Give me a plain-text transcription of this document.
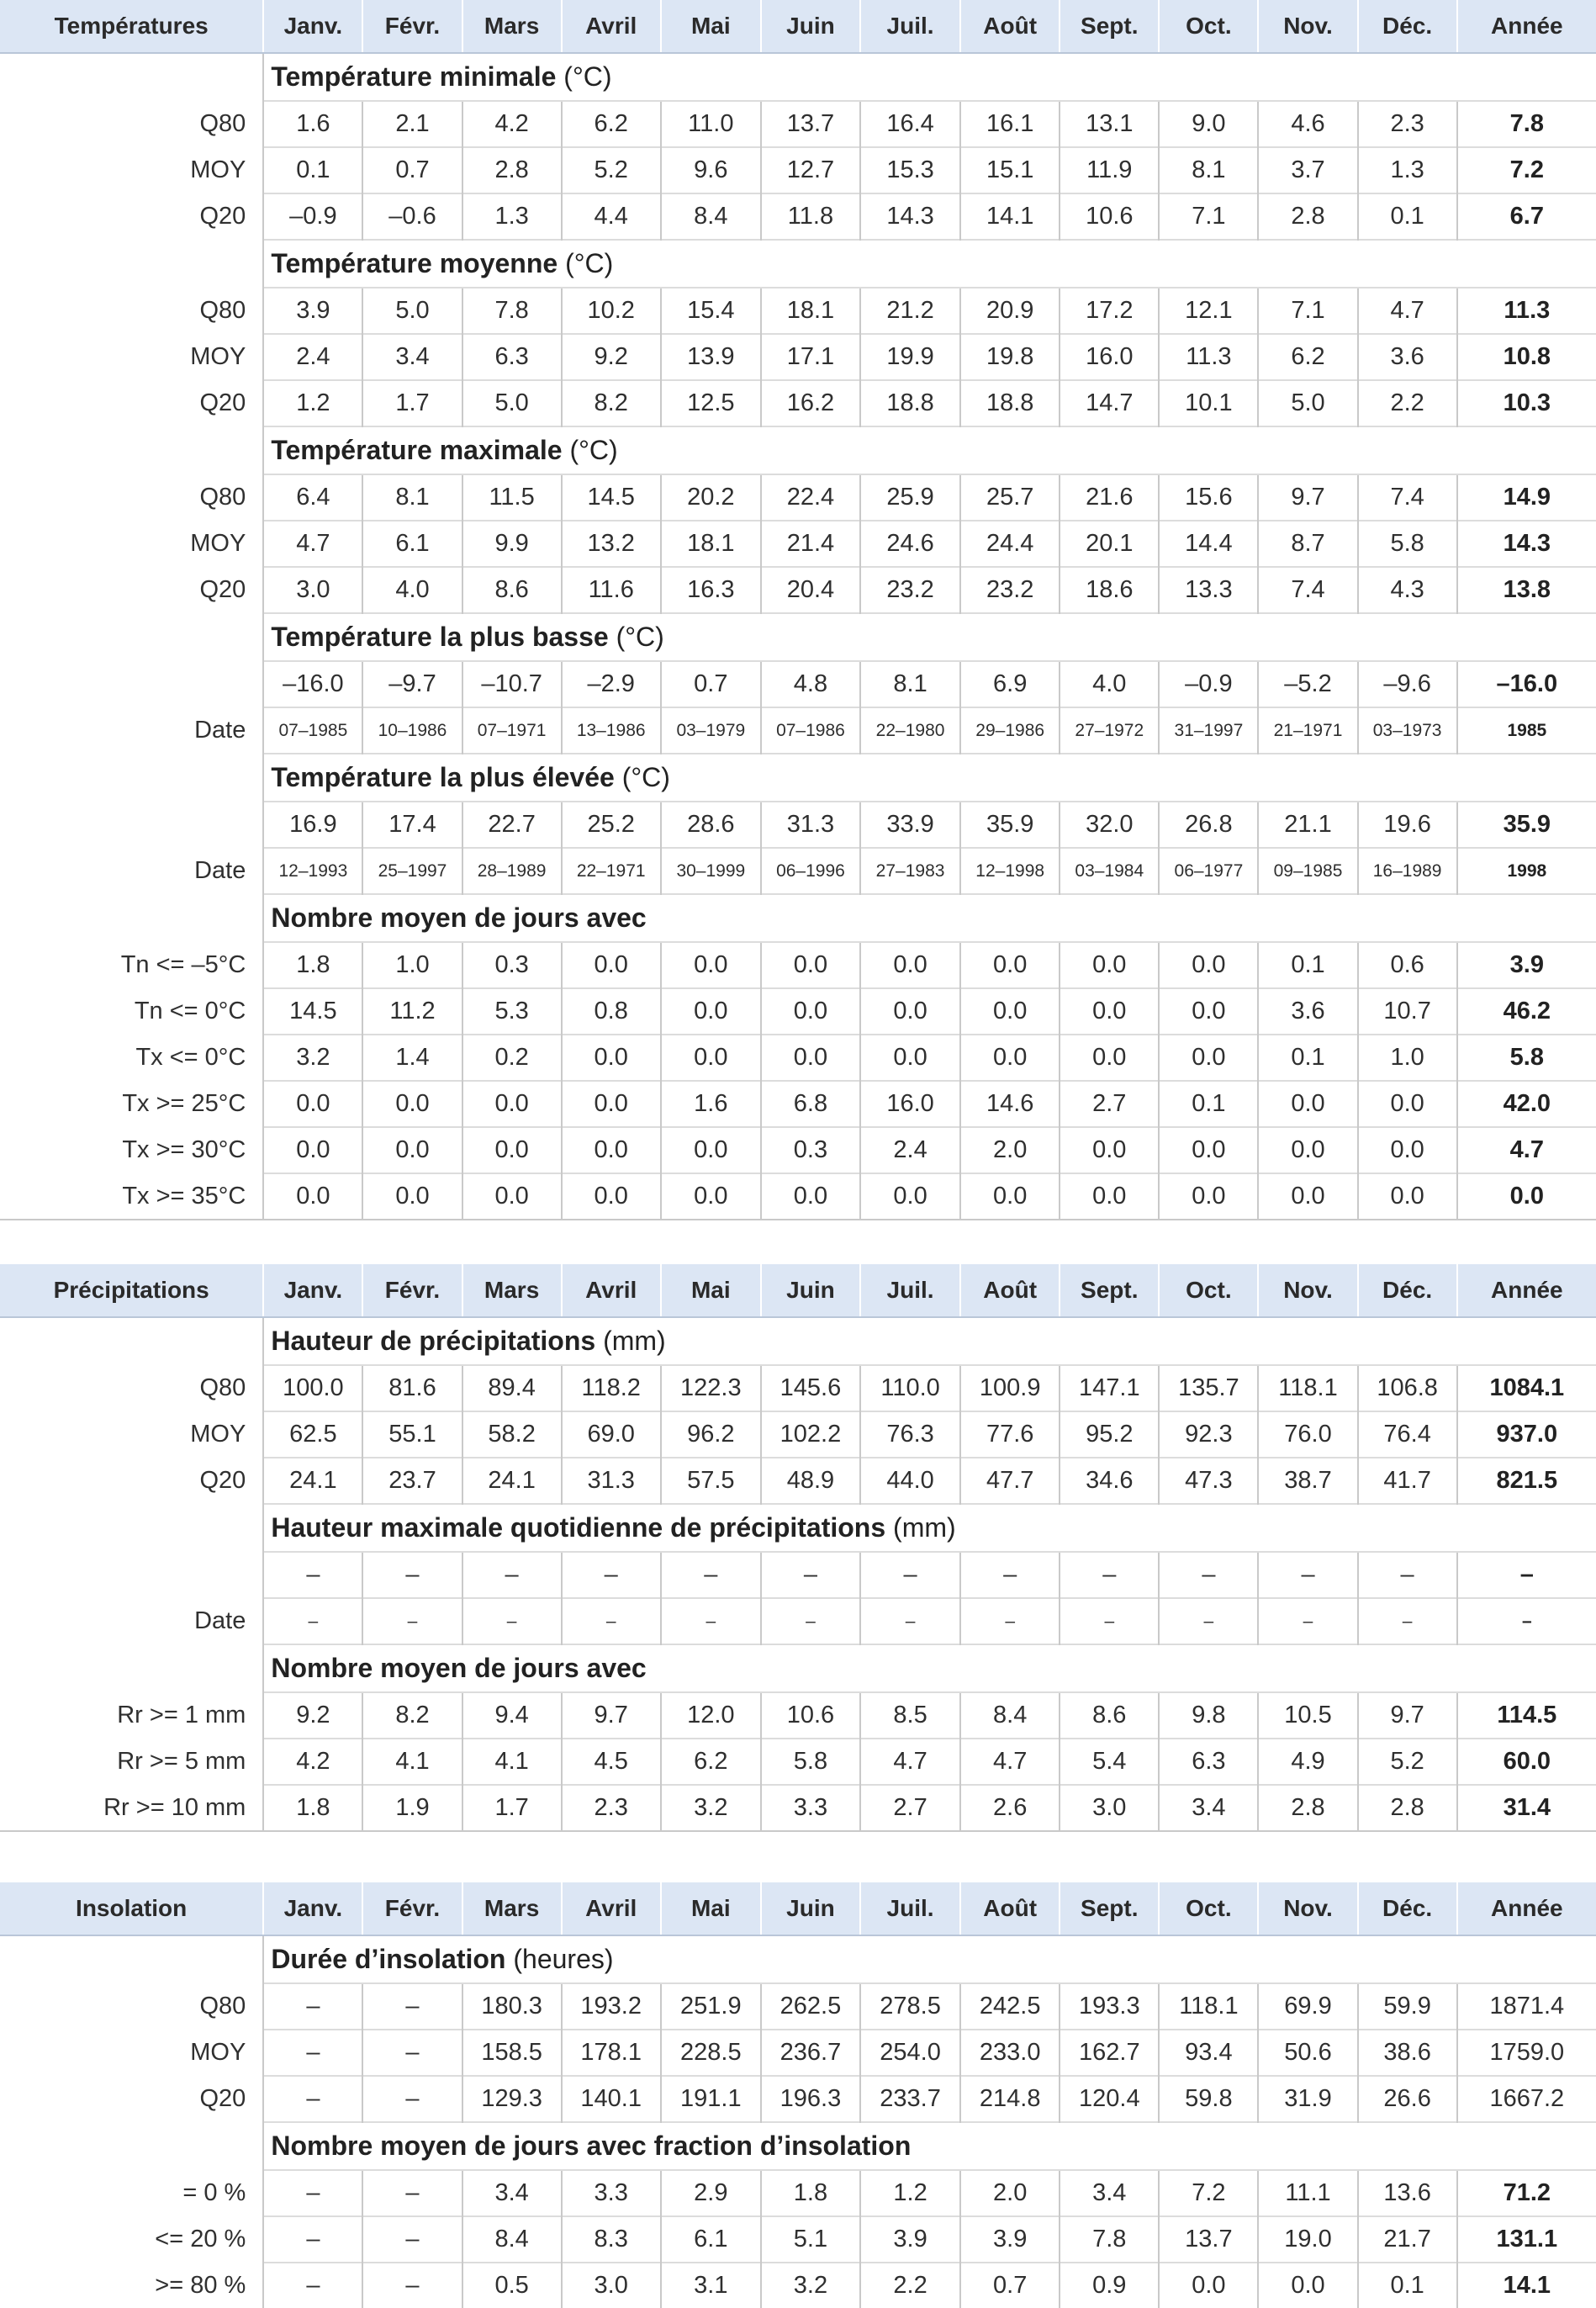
Températures	Janv.	Févr.	Mars	Avril	Mai	Juin	Juil.	Août	Sept.	Oct.	Nov.	Déc.	Année
	Température minimale (°C)												
Q80	1.6	2.1	4.2	6.2	11.0	13.7	16.4	16.1	13.1	9.0	4.6	2.3	7.8
MOY	0.1	0.7	2.8	5.2	9.6	12.7	15.3	15.1	11.9	8.1	3.7	1.3	7.2
Q20	–0.9	–0.6	1.3	4.4	8.4	11.8	14.3	14.1	10.6	7.1	2.8	0.1	6.7
	Température moyenne (°C)												
Q80	3.9	5.0	7.8	10.2	15.4	18.1	21.2	20.9	17.2	12.1	7.1	4.7	11.3
MOY	2.4	3.4	6.3	9.2	13.9	17.1	19.9	19.8	16.0	11.3	6.2	3.6	10.8
Q20	1.2	1.7	5.0	8.2	12.5	16.2	18.8	18.8	14.7	10.1	5.0	2.2	10.3
	Température maximale (°C)												
Q80	6.4	8.1	11.5	14.5	20.2	22.4	25.9	25.7	21.6	15.6	9.7	7.4	14.9
MOY	4.7	6.1	9.9	13.2	18.1	21.4	24.6	24.4	20.1	14.4	8.7	5.8	14.3
Q20	3.0	4.0	8.6	11.6	16.3	20.4	23.2	23.2	18.6	13.3	7.4	4.3	13.8
	Température la plus basse (°C)												
	–16.0	–9.7	–10.7	–2.9	0.7	4.8	8.1	6.9	4.0	–0.9	–5.2	–9.6	–16.0
Date	07–1985	10–1986	07–1971	13–1986	03–1979	07–1986	22–1980	29–1986	27–1972	31–1997	21–1971	03–1973	1985
	Température la plus élevée (°C)												
	16.9	17.4	22.7	25.2	28.6	31.3	33.9	35.9	32.0	26.8	21.1	19.6	35.9
Date	12–1993	25–1997	28–1989	22–1971	30–1999	06–1996	27–1983	12–1998	03–1984	06–1977	09–1985	16–1989	1998
	Nombre moyen de jours avec												
Tn <= –5°C	1.8	1.0	0.3	0.0	0.0	0.0	0.0	0.0	0.0	0.0	0.1	0.6	3.9
Tn <= 0°C	14.5	11.2	5.3	0.8	0.0	0.0	0.0	0.0	0.0	0.0	3.6	10.7	46.2
Tx <= 0°C	3.2	1.4	0.2	0.0	0.0	0.0	0.0	0.0	0.0	0.0	0.1	1.0	5.8
Tx >= 25°C	0.0	0.0	0.0	0.0	1.6	6.8	16.0	14.6	2.7	0.1	0.0	0.0	42.0
Tx >= 30°C	0.0	0.0	0.0	0.0	0.0	0.3	2.4	2.0	0.0	0.0	0.0	0.0	4.7
Tx >= 35°C	0.0	0.0	0.0	0.0	0.0	0.0	0.0	0.0	0.0	0.0	0.0	0.0	0.0
Précipitations	Janv.	Févr.	Mars	Avril	Mai	Juin	Juil.	Août	Sept.	Oct.	Nov.	Déc.	Année
	Hauteur de précipitations (mm)												
Q80	100.0	81.6	89.4	118.2	122.3	145.6	110.0	100.9	147.1	135.7	118.1	106.8	1084.1
MOY	62.5	55.1	58.2	69.0	96.2	102.2	76.3	77.6	95.2	92.3	76.0	76.4	937.0
Q20	24.1	23.7	24.1	31.3	57.5	48.9	44.0	47.7	34.6	47.3	38.7	41.7	821.5
	Hauteur maximale quotidienne de précipitations (mm)												
	–	–	–	–	–	–	–	–	–	–	–	–	–
Date	–	–	–	–	–	–	–	–	–	–	–	–	–
	Nombre moyen de jours avec												
Rr >= 1 mm	9.2	8.2	9.4	9.7	12.0	10.6	8.5	8.4	8.6	9.8	10.5	9.7	114.5
Rr >= 5 mm	4.2	4.1	4.1	4.5	6.2	5.8	4.7	4.7	5.4	6.3	4.9	5.2	60.0
Rr >= 10 mm	1.8	1.9	1.7	2.3	3.2	3.3	2.7	2.6	3.0	3.4	2.8	2.8	31.4
Insolation	Janv.	Févr.	Mars	Avril	Mai	Juin	Juil.	Août	Sept.	Oct.	Nov.	Déc.	Année
	Durée d’insolation (heures)												
Q80	–	–	180.3	193.2	251.9	262.5	278.5	242.5	193.3	118.1	69.9	59.9	1871.4
MOY	–	–	158.5	178.1	228.5	236.7	254.0	233.0	162.7	93.4	50.6	38.6	1759.0
Q20	–	–	129.3	140.1	191.1	196.3	233.7	214.8	120.4	59.8	31.9	26.6	1667.2
	Nombre moyen de jours avec fraction d’insolation												
= 0 %	–	–	3.4	3.3	2.9	1.8	1.2	2.0	3.4	7.2	11.1	13.6	71.2
<= 20 %	–	–	8.4	8.3	6.1	5.1	3.9	3.9	7.8	13.7	19.0	21.7	131.1
>= 80 %	–	–	0.5	3.0	3.1	3.2	2.2	0.7	0.9	0.0	0.0	0.1	14.1
